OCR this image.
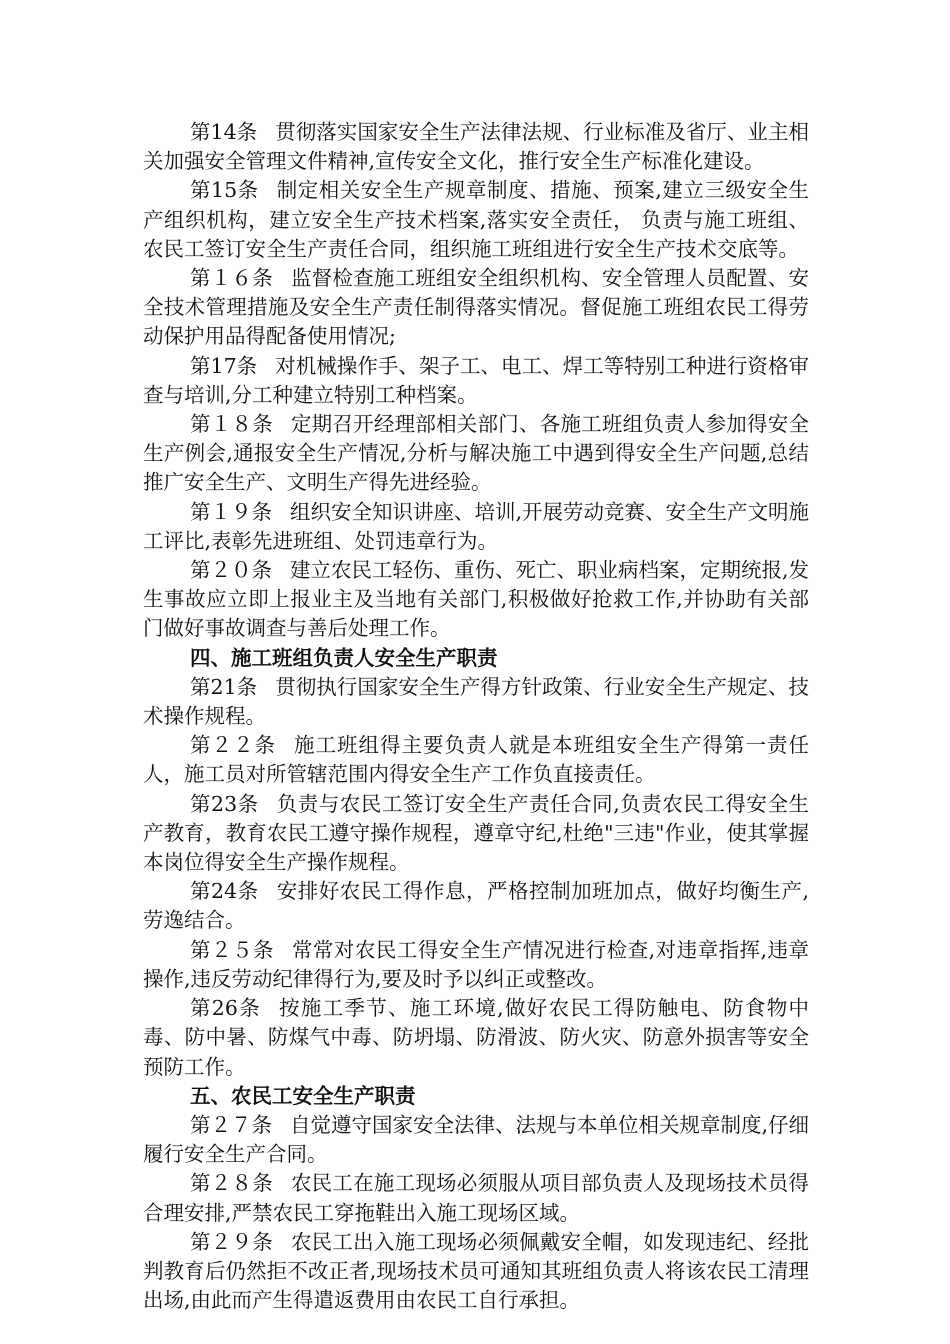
第14条 贯彻落实国家安全生产法律法规、行业标准及省厅、业主相关加强安全管理文件精神,宣传安全文化，推行安全生产标准化建设。

第15条 制定相关安全生产规章制度、措施、预案,建立三级安全生产组织机构，建立安全生产技术档案,落实安全责任， 负责与施工班组、农民工签订安全生产责任合同，组织施工班组进行安全生产技术交底等。

第１６条 监督检查施工班组安全组织机构、安全管理人员配置、安全技术管理措施及安全生产责任制得落实情况。督促施工班组农民工得劳动保护用品得配备使用情况;

第17条 对机械操作手、架子工、电工、焊工等特别工种进行资格审查与培训,分工种建立特别工种档案。

第１８条 定期召开经理部相关部门、各施工班组负责人参加得安全生产例会,通报安全生产情况,分析与解决施工中遇到得安全生产问题,总结推广安全生产、文明生产得先进经验。

第１９条 组织安全知识讲座、培训,开展劳动竞赛、安全生产文明施工评比,表彰先进班组、处罚违章行为。

第２０条 建立农民工轻伤、重伤、死亡、职业病档案，定期统报,发生事故应立即上报业主及当地有关部门,积极做好抢救工作,并协助有关部门做好事故调查与善后处理工作。

四、施工班组负责人安全生产职责

第21条 贯彻执行国家安全生产得方针政策、行业安全生产规定、技术操作规程。

第２２条 施工班组得主要负责人就是本班组安全生产得第一责任人，施工员对所管辖范围内得安全生产工作负直接责任。

第23条 负责与农民工签订安全生产责任合同,负责农民工得安全生产教育，教育农民工遵守操作规程，遵章守纪,杜绝"三违"作业，使其掌握本岗位得安全生产操作规程。

第24条 安排好农民工得作息，严格控制加班加点，做好均衡生产,劳逸结合。

第２５条 常常对农民工得安全生产情况进行检查,对违章指挥,违章操作,违反劳动纪律得行为,要及时予以纠正或整改。

第26条 按施工季节、施工环境,做好农民工得防触电、防食物中毒、防中暑、防煤气中毒、防坍塌、防滑波、防火灾、防意外损害等安全预防工作。

五、农民工安全生产职责

第２７条 自觉遵守国家安全法律、法规与本单位相关规章制度,仔细履行安全生产合同。

第２８条 农民工在施工现场必须服从项目部负责人及现场技术员得合理安排,严禁农民工穿拖鞋出入施工现场区域。

第２９条 农民工出入施工现场必须佩戴安全帽，如发现违纪、经批判教育后仍然拒不改正者,现场技术员可通知其班组负责人将该农民工清理出场,由此而产生得遣返费用由农民工自行承担。
